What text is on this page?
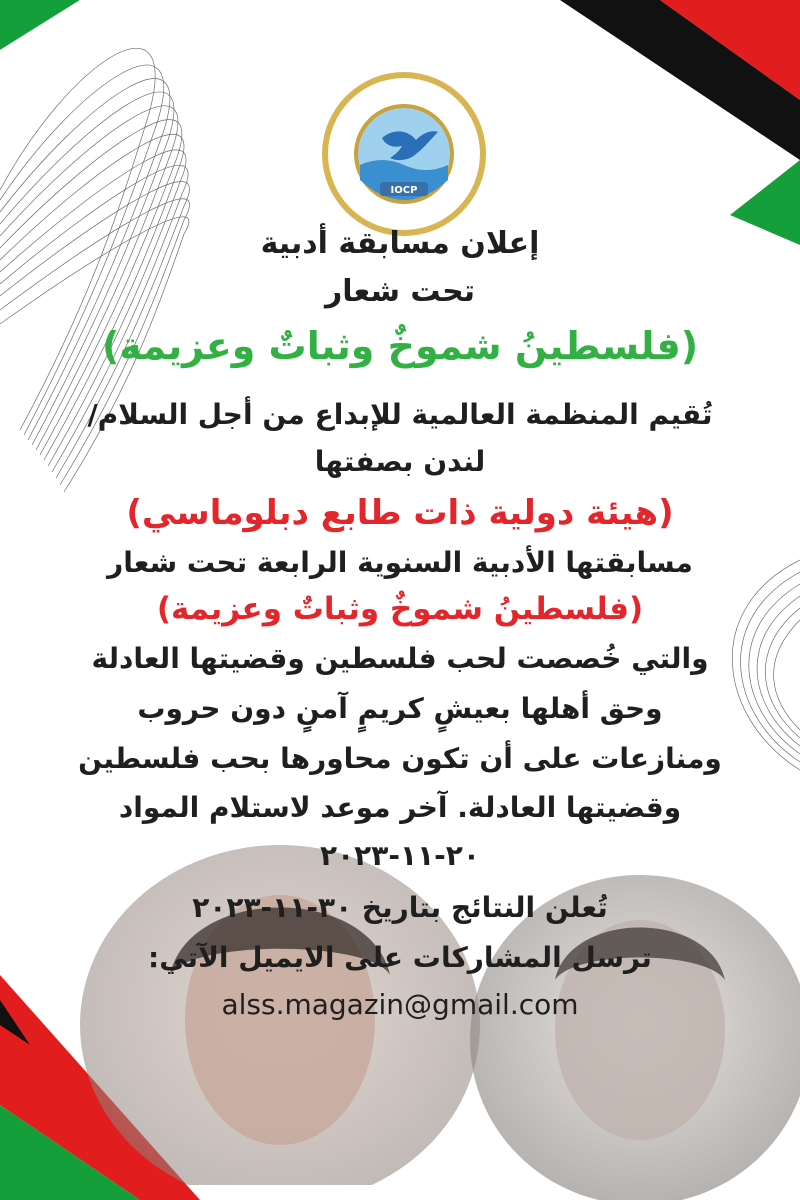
IOCP
إعلان مسابقة أدبية
تحت شعار
(فلسطينُ شموخٌ وثباتٌ وعزيمة)
تُقيم المنظمة العالمية للإبداع من أجل السلام/
لندن بصفتها
(هيئة دولية ذات طابع دبلوماسي)
مسابقتها الأدبية السنوية الرابعة تحت شعار
(فلسطينُ شموخٌ وثباتٌ وعزيمة)
والتي خُصصت لحب فلسطين وقضيتها العادلة
وحق أهلها بعيشٍ كريمٍ آمنٍ دون حروب
ومنازعات على أن تكون محاورها بحب فلسطين
وقضيتها العادلة. آخر موعد لاستلام المواد
٢٠-١١-٢٠٢٣
تُعلن النتائج بتاريخ ٣٠-١١-٢٠٢٣
ترسل المشاركات على الايميل الآتي:
alss.magazin@gmail.com
